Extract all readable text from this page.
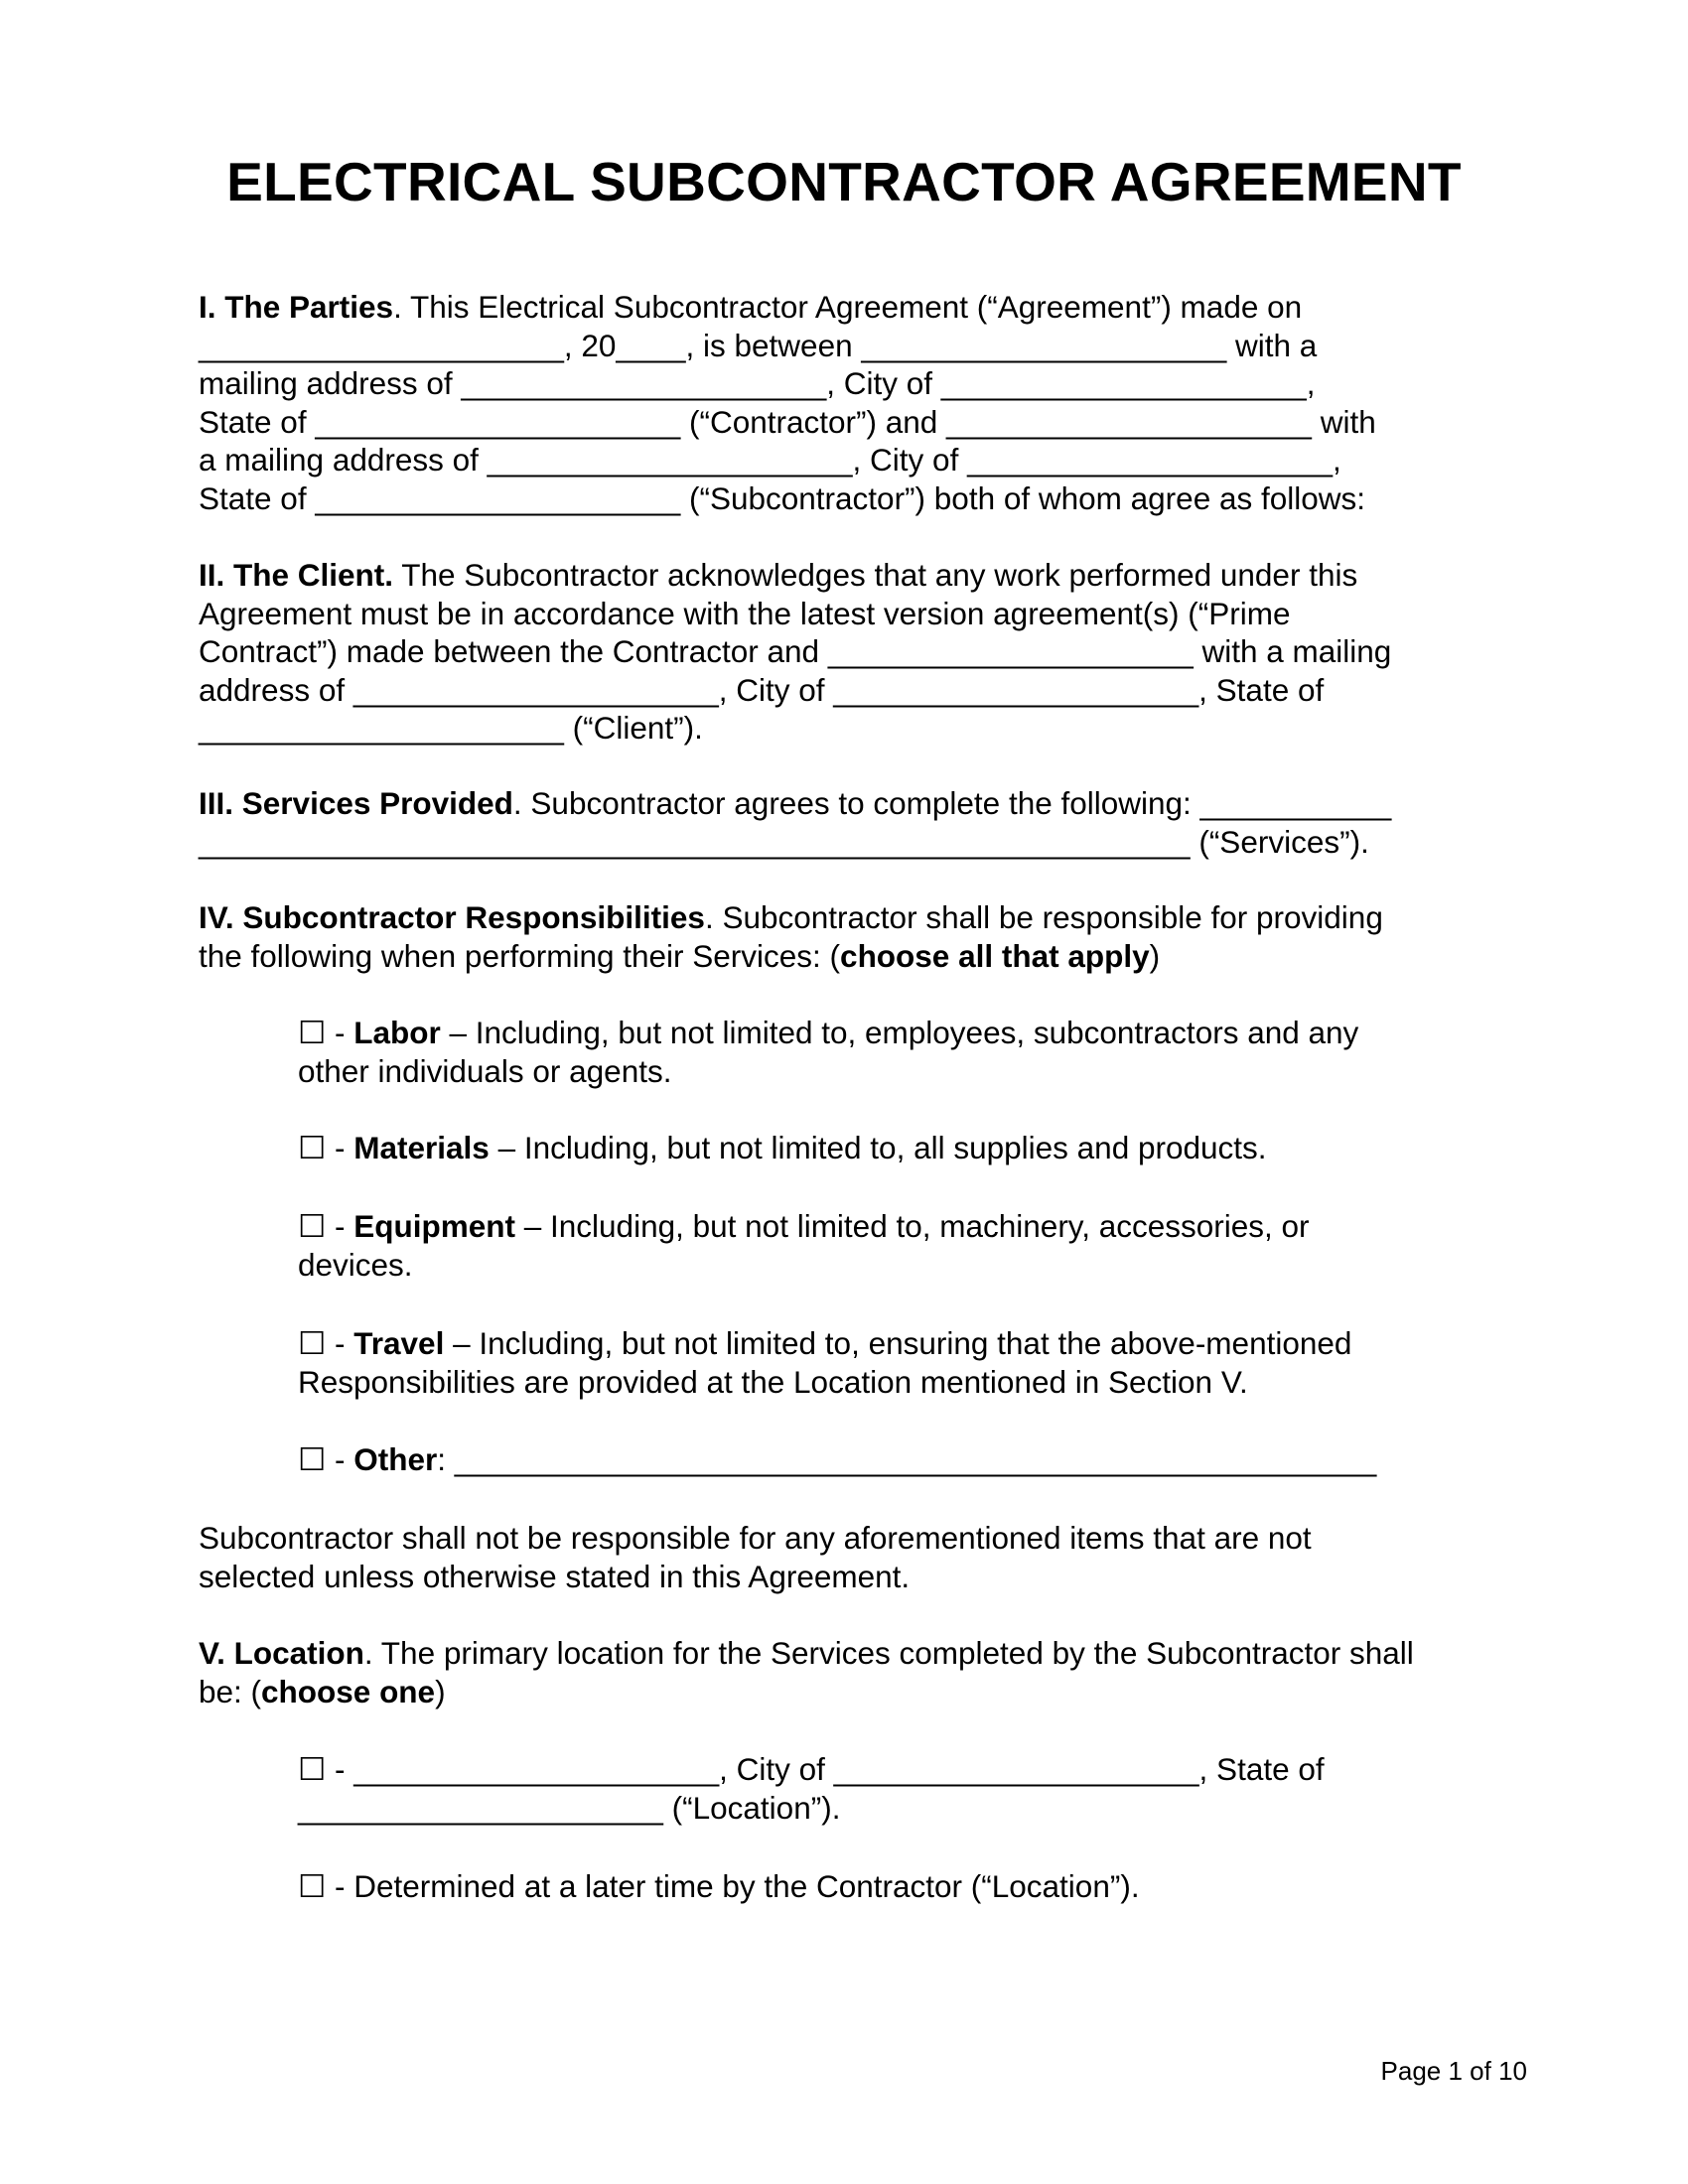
ELECTRICAL SUBCONTRACTOR AGREEMENT

I. The Parties. This Electrical Subcontractor Agreement (“Agreement”) made on

_____________________, 20____, is between _____________________ with a

mailing address of _____________________, City of _____________________,

State of _____________________ (“Contractor”) and _____________________ with

a mailing address of _____________________, City of _____________________,

State of _____________________ (“Subcontractor”) both of whom agree as follows:

II. The Client. The Subcontractor acknowledges that any work performed under this

Agreement must be in accordance with the latest version agreement(s) (“Prime

Contract”) made between the Contractor and _____________________ with a mailing

address of _____________________, City of _____________________, State of

_____________________ (“Client”).

III. Services Provided. Subcontractor agrees to complete the following: ___________

_________________________________________________________ (“Services”).

IV. Subcontractor Responsibilities. Subcontractor shall be responsible for providing

the following when performing their Services: (choose all that apply)

☐ - Labor – Including, but not limited to, employees, subcontractors and any

other individuals or agents.

☐ - Materials – Including, but not limited to, all supplies and products.

☐ - Equipment – Including, but not limited to, machinery, accessories, or

devices.

☐ - Travel – Including, but not limited to, ensuring that the above-mentioned

Responsibilities are provided at the Location mentioned in Section V.

☐ - Other: _____________________________________________________

Subcontractor shall not be responsible for any aforementioned items that are not

selected unless otherwise stated in this Agreement.

V. Location. The primary location for the Services completed by the Subcontractor shall

be: (choose one)

☐ - _____________________, City of _____________________, State of

_____________________ (“Location”).

☐ - Determined at a later time by the Contractor (“Location”).

Page 1 of 10
